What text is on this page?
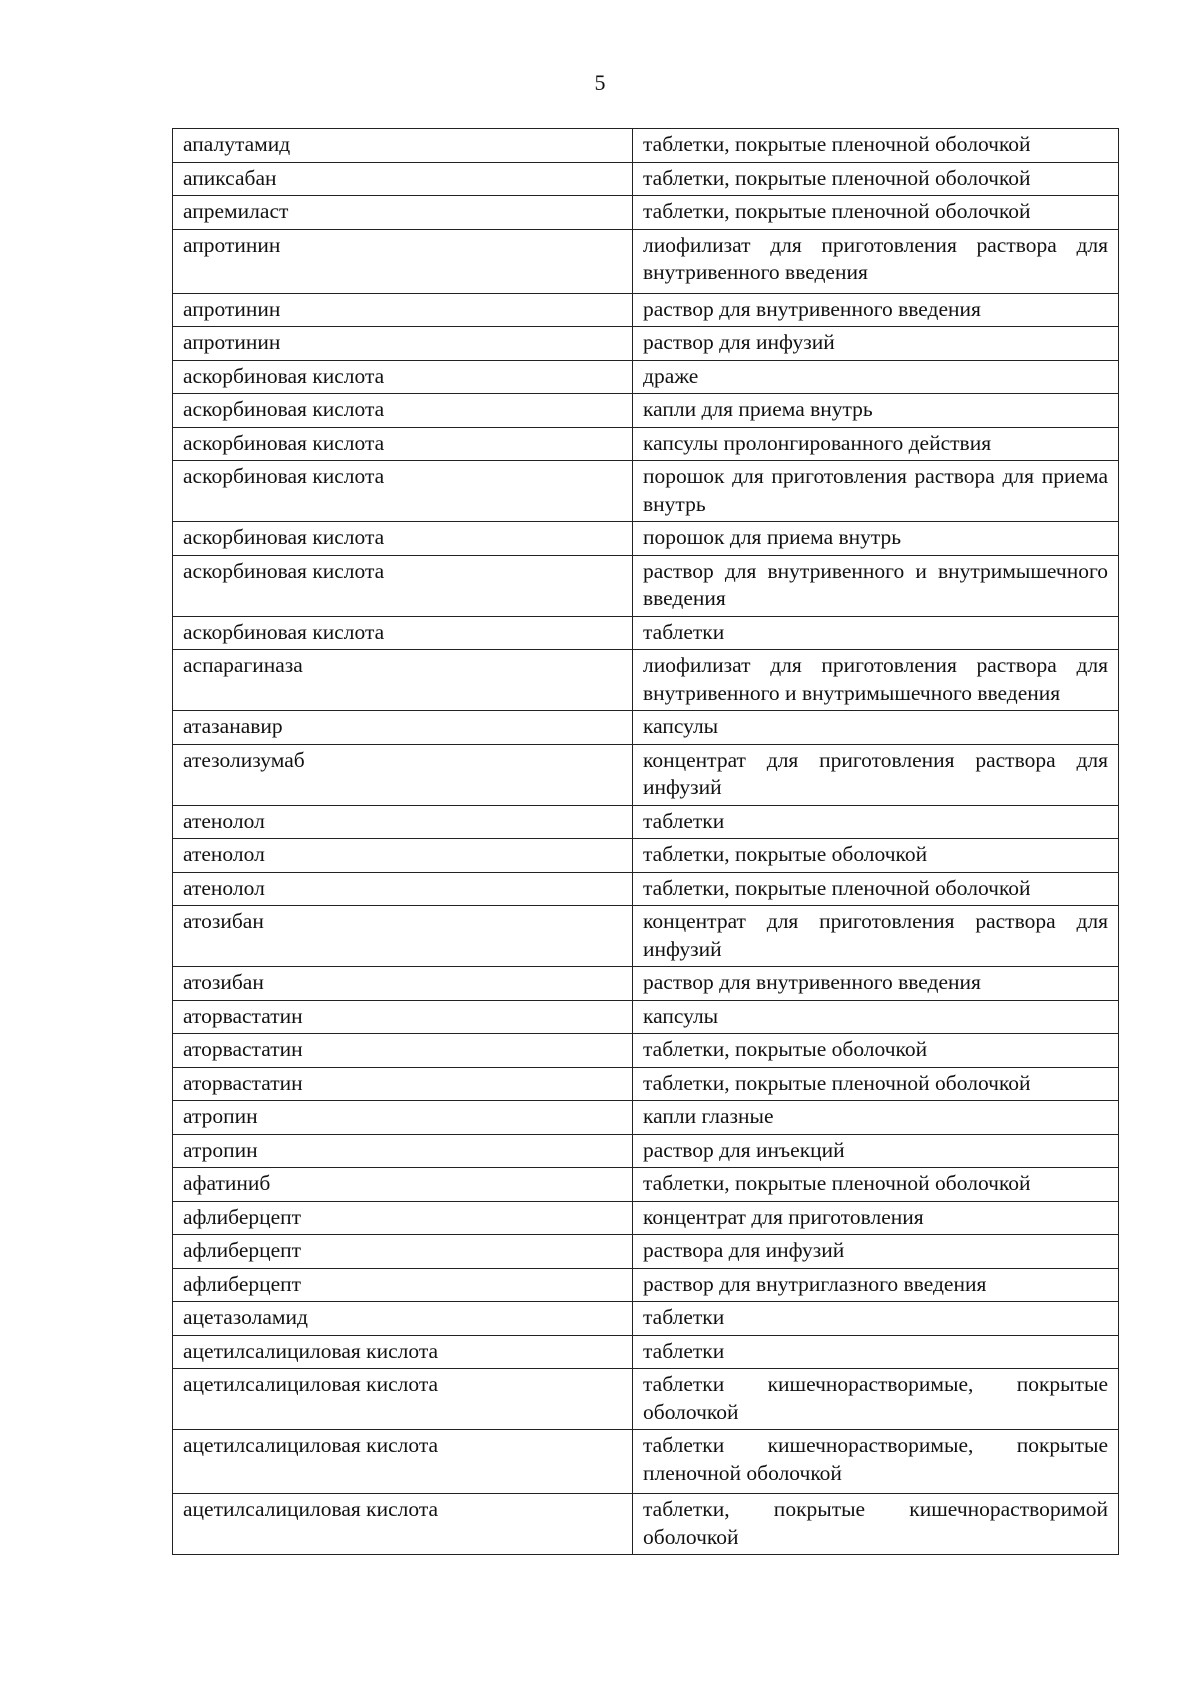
5
апалутамид	таблетки, покрытые пленочной оболочкой
апиксабан	таблетки, покрытые пленочной оболочкой
апремиласт	таблетки, покрытые пленочной оболочкой
апротинин	лиофилизат для приготовления раствора для внутривенного введения
апротинин	раствор для внутривенного введения
апротинин	раствор для инфузий
аскорбиновая кислота	драже
аскорбиновая кислота	капли для приема внутрь
аскорбиновая кислота	капсулы пролонгированного действия
аскорбиновая кислота	порошок для приготовления раствора для приема внутрь
аскорбиновая кислота	порошок для приема внутрь
аскорбиновая кислота	раствор для внутривенного и внутримышечного введения
аскорбиновая кислота	таблетки
аспарагиназа	лиофилизат для приготовления раствора для внутривенного и внутримышечного введения
атазанавир	капсулы
атезолизумаб	концентрат для приготовления раствора для инфузий
атенолол	таблетки
атенолол	таблетки, покрытые оболочкой
атенолол	таблетки, покрытые пленочной оболочкой
атозибан	концентрат для приготовления раствора для инфузий
атозибан	раствор для внутривенного введения
аторвастатин	капсулы
аторвастатин	таблетки, покрытые оболочкой
аторвастатин	таблетки, покрытые пленочной оболочкой
атропин	капли глазные
атропин	раствор для инъекций
афатиниб	таблетки, покрытые пленочной оболочкой
афлиберцепт	концентрат для приготовления
афлиберцепт	раствора для инфузий
афлиберцепт	раствор для внутриглазного введения
ацетазоламид	таблетки
ацетилсалициловая кислота	таблетки
ацетилсалициловая кислота	таблетки кишечнорастворимые, покрытые оболочкой
ацетилсалициловая кислота	таблетки кишечнорастворимые, покрытые пленочной оболочкой
ацетилсалициловая кислота	таблетки, покрытые кишечнорастворимой оболочкой
